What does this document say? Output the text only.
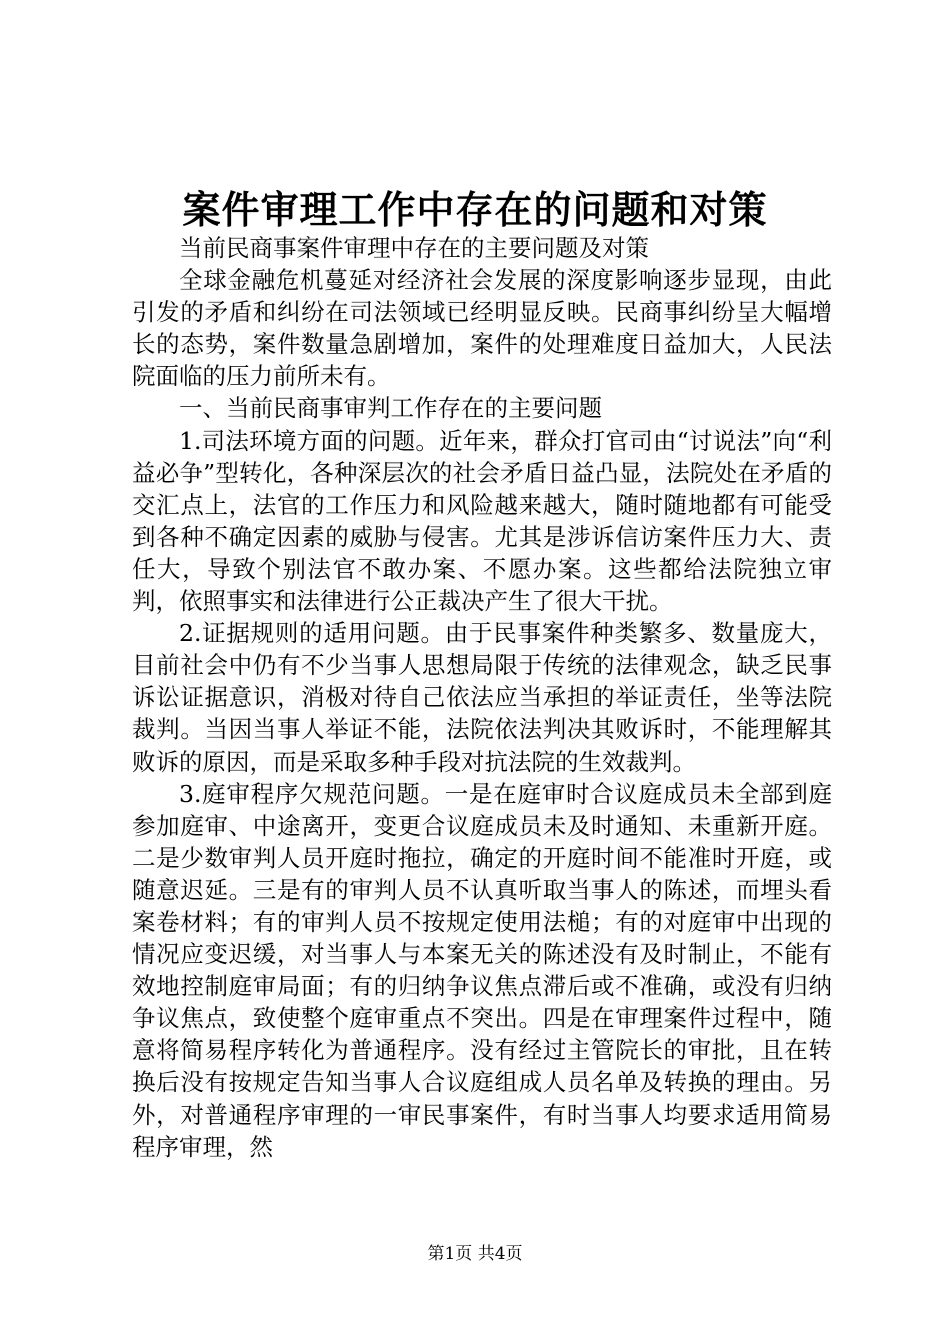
案件审理工作中存在的问题和对策

当前民商事案件审理中存在的主要问题及对策

全球金融危机蔓延对经济社会发展的深度影响逐步显现，由此引发的矛盾和纠纷在司法领域已经明显反映。民商事纠纷呈大幅增长的态势，案件数量急剧增加，案件的处理难度日益加大，人民法院面临的压力前所未有。

一、当前民商事审判工作存在的主要问题

1.司法环境方面的问题。近年来，群众打官司由“讨说法”向“利益必争”型转化，各种深层次的社会矛盾日益凸显，法院处在矛盾的交汇点上，法官的工作压力和风险越来越大，随时随地都有可能受到各种不确定因素的威胁与侵害。尤其是涉诉信访案件压力大、责任大，导致个别法官不敢办案、不愿办案。这些都给法院独立审判，依照事实和法律进行公正裁决产生了很大干扰。

2.证据规则的适用问题。由于民事案件种类繁多、数量庞大，目前社会中仍有不少当事人思想局限于传统的法律观念，缺乏民事诉讼证据意识，消极对待自己依法应当承担的举证责任，坐等法院裁判。当因当事人举证不能，法院依法判决其败诉时，不能理解其败诉的原因，而是采取多种手段对抗法院的生效裁判。

3.庭审程序欠规范问题。一是在庭审时合议庭成员未全部到庭参加庭审、中途离开，变更合议庭成员未及时通知、未重新开庭。二是少数审判人员开庭时拖拉，确定的开庭时间不能准时开庭，或随意迟延。三是有的审判人员不认真听取当事人的陈述，而埋头看案卷材料；有的审判人员不按规定使用法槌；有的对庭审中出现的情况应变迟缓，对当事人与本案无关的陈述没有及时制止，不能有效地控制庭审局面；有的归纳争议焦点滞后或不准确，或没有归纳争议焦点，致使整个庭审重点不突出。四是在审理案件过程中，随意将简易程序转化为普通程序。没有经过主管院长的审批，且在转换后没有按规定告知当事人合议庭组成人员名单及转换的理由。另外，对普通程序审理的一审民事案件，有时当事人均要求适用简易程序审理，然

第1页 共4页
